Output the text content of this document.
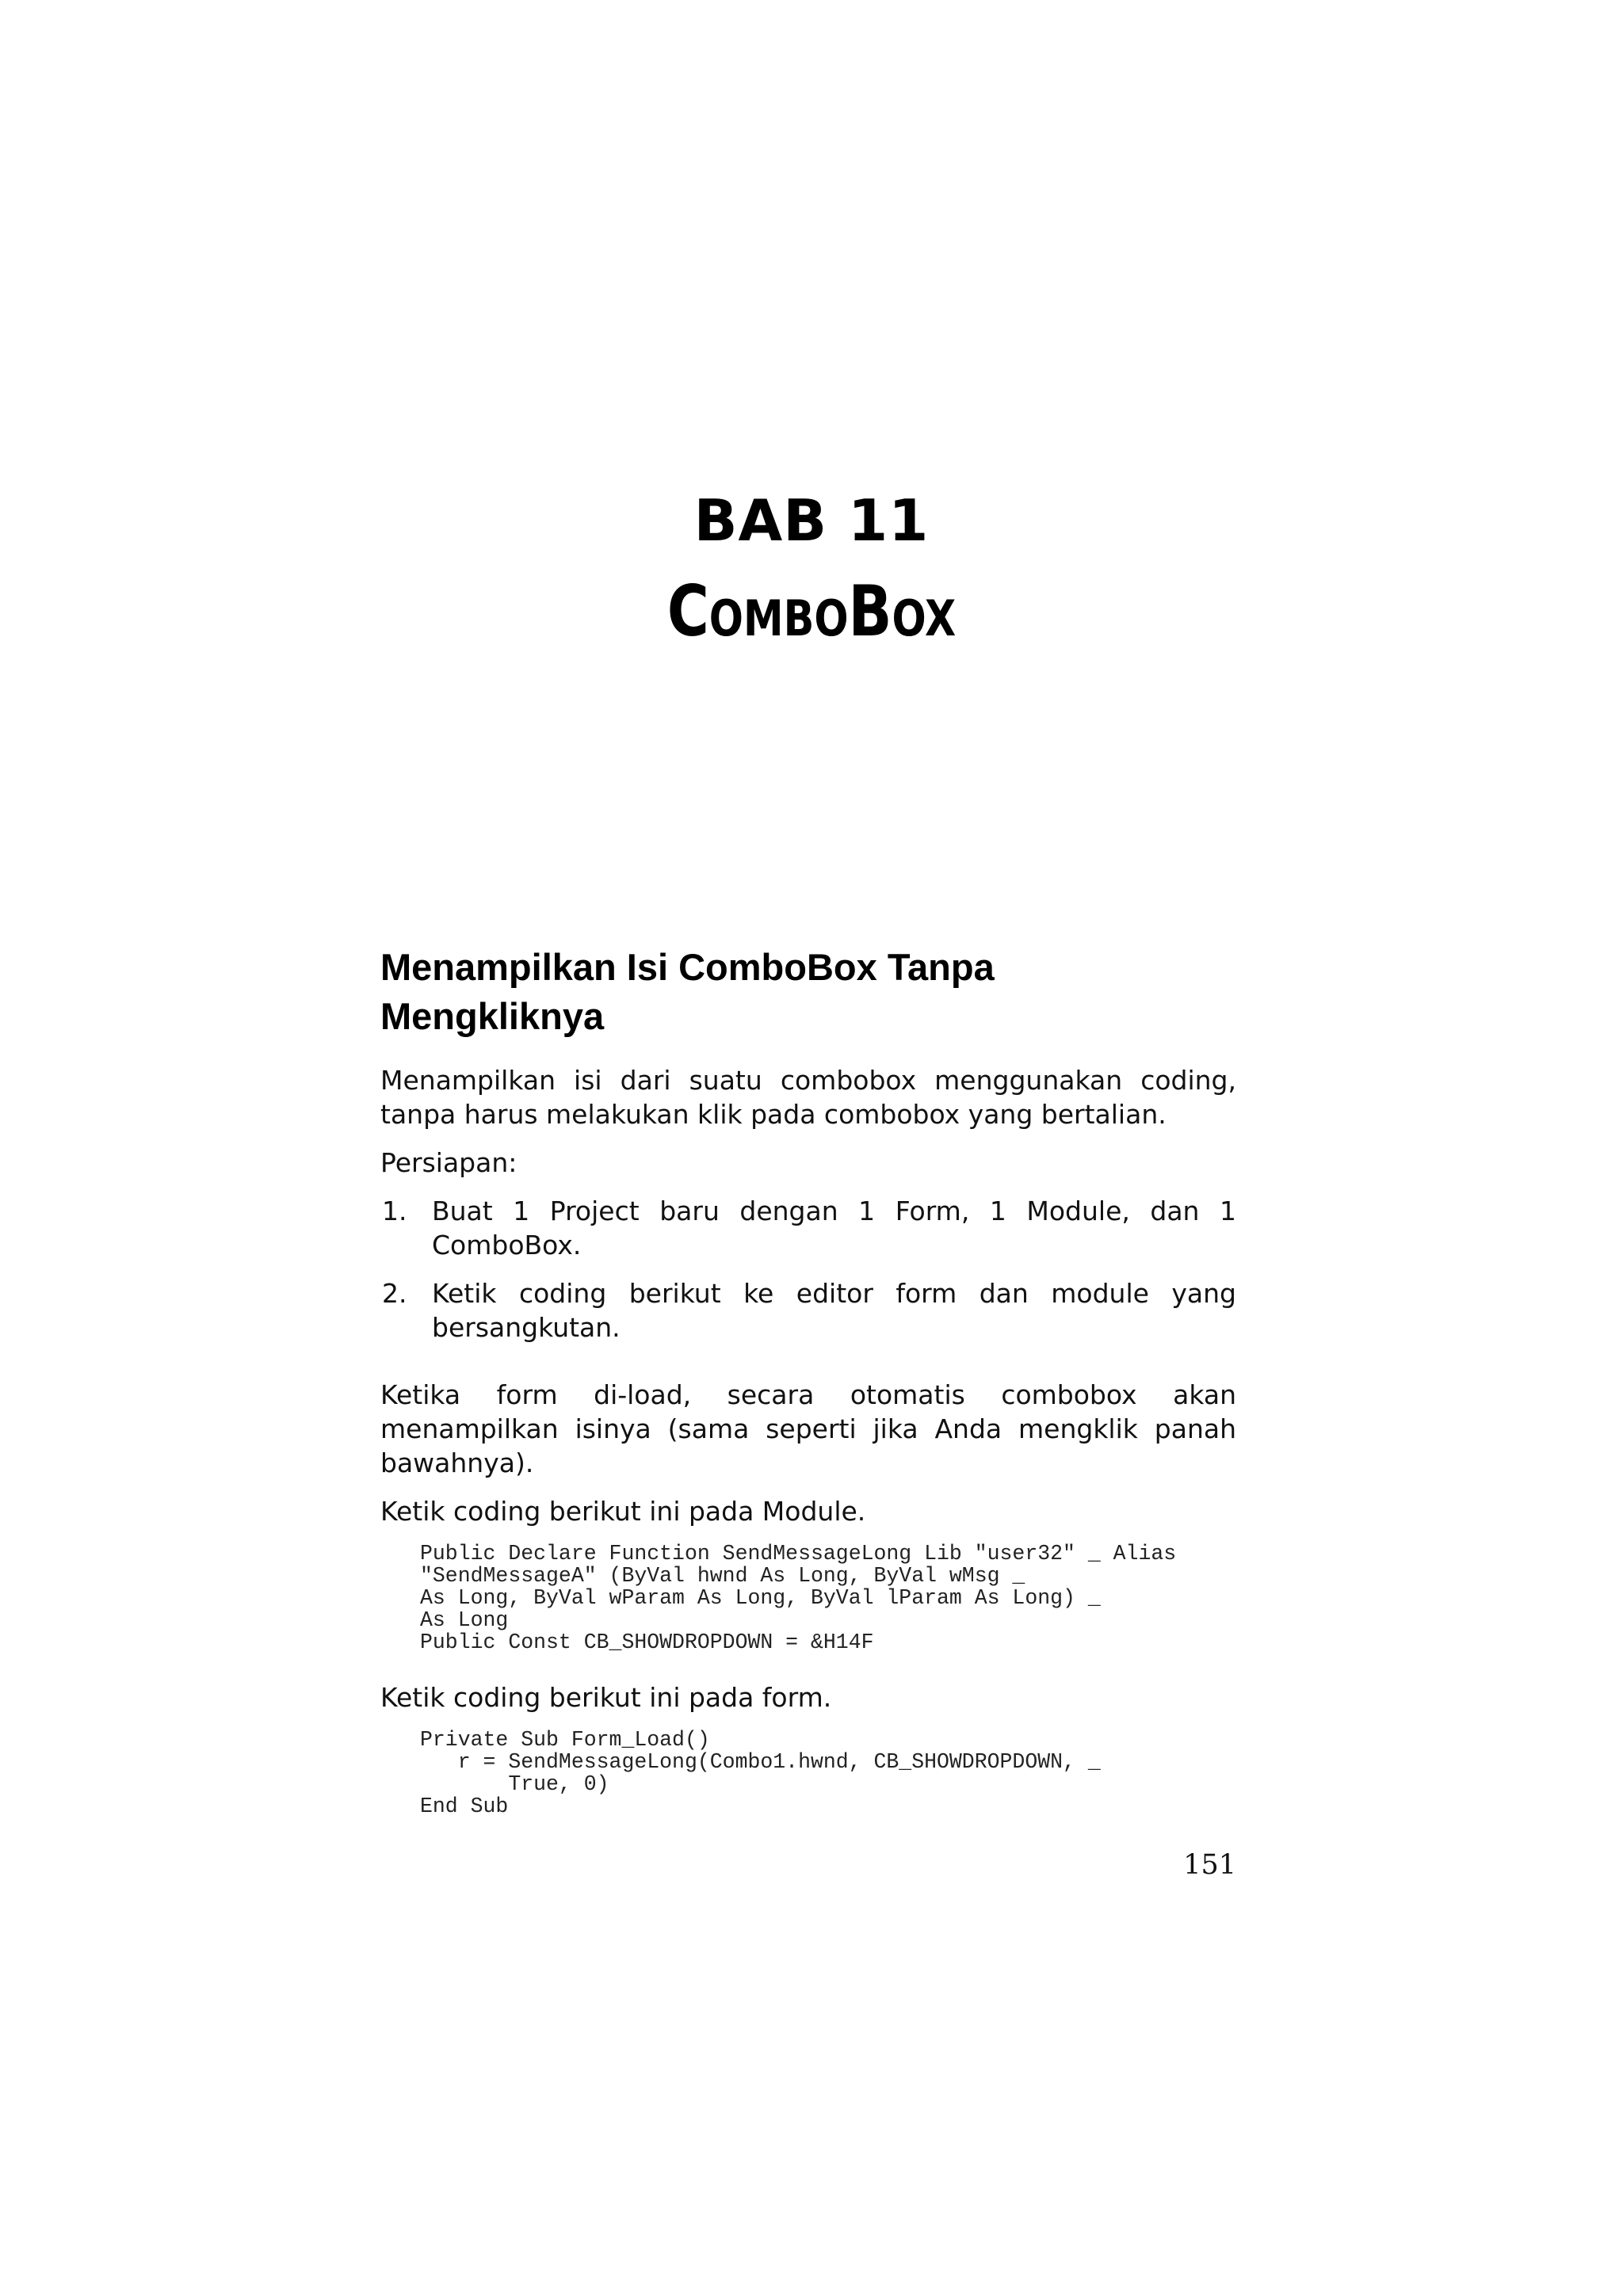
BAB 11
ComboBox
Menampilkan Isi ComboBox Tanpa
Mengkliknya

Menampilkan isi dari suatu combobox menggunakan coding, tanpa harus melakukan klik pada combobox yang bertalian.

Persiapan:

1. Buat 1 Project baru dengan 1 Form, 1 Module, dan 1 ComboBox.
2. Ketik coding berikut ke editor form dan module yang bersangkutan.

Ketika form di-load, secara otomatis combobox akan menampilkan isinya (sama seperti jika Anda mengklik panah bawahnya).

Ketik coding berikut ini pada Module.

Public Declare Function SendMessageLong Lib "user32" _ Alias
"SendMessageA" (ByVal hwnd As Long, ByVal wMsg _
As Long, ByVal wParam As Long, ByVal lParam As Long) _
As Long
Public Const CB_SHOWDROPDOWN = &H14F

Ketik coding berikut ini pada form.

Private Sub Form_Load()
r = SendMessageLong(Combo1.hwnd, CB_SHOWDROPDOWN, _
True, 0)
End Sub
151
